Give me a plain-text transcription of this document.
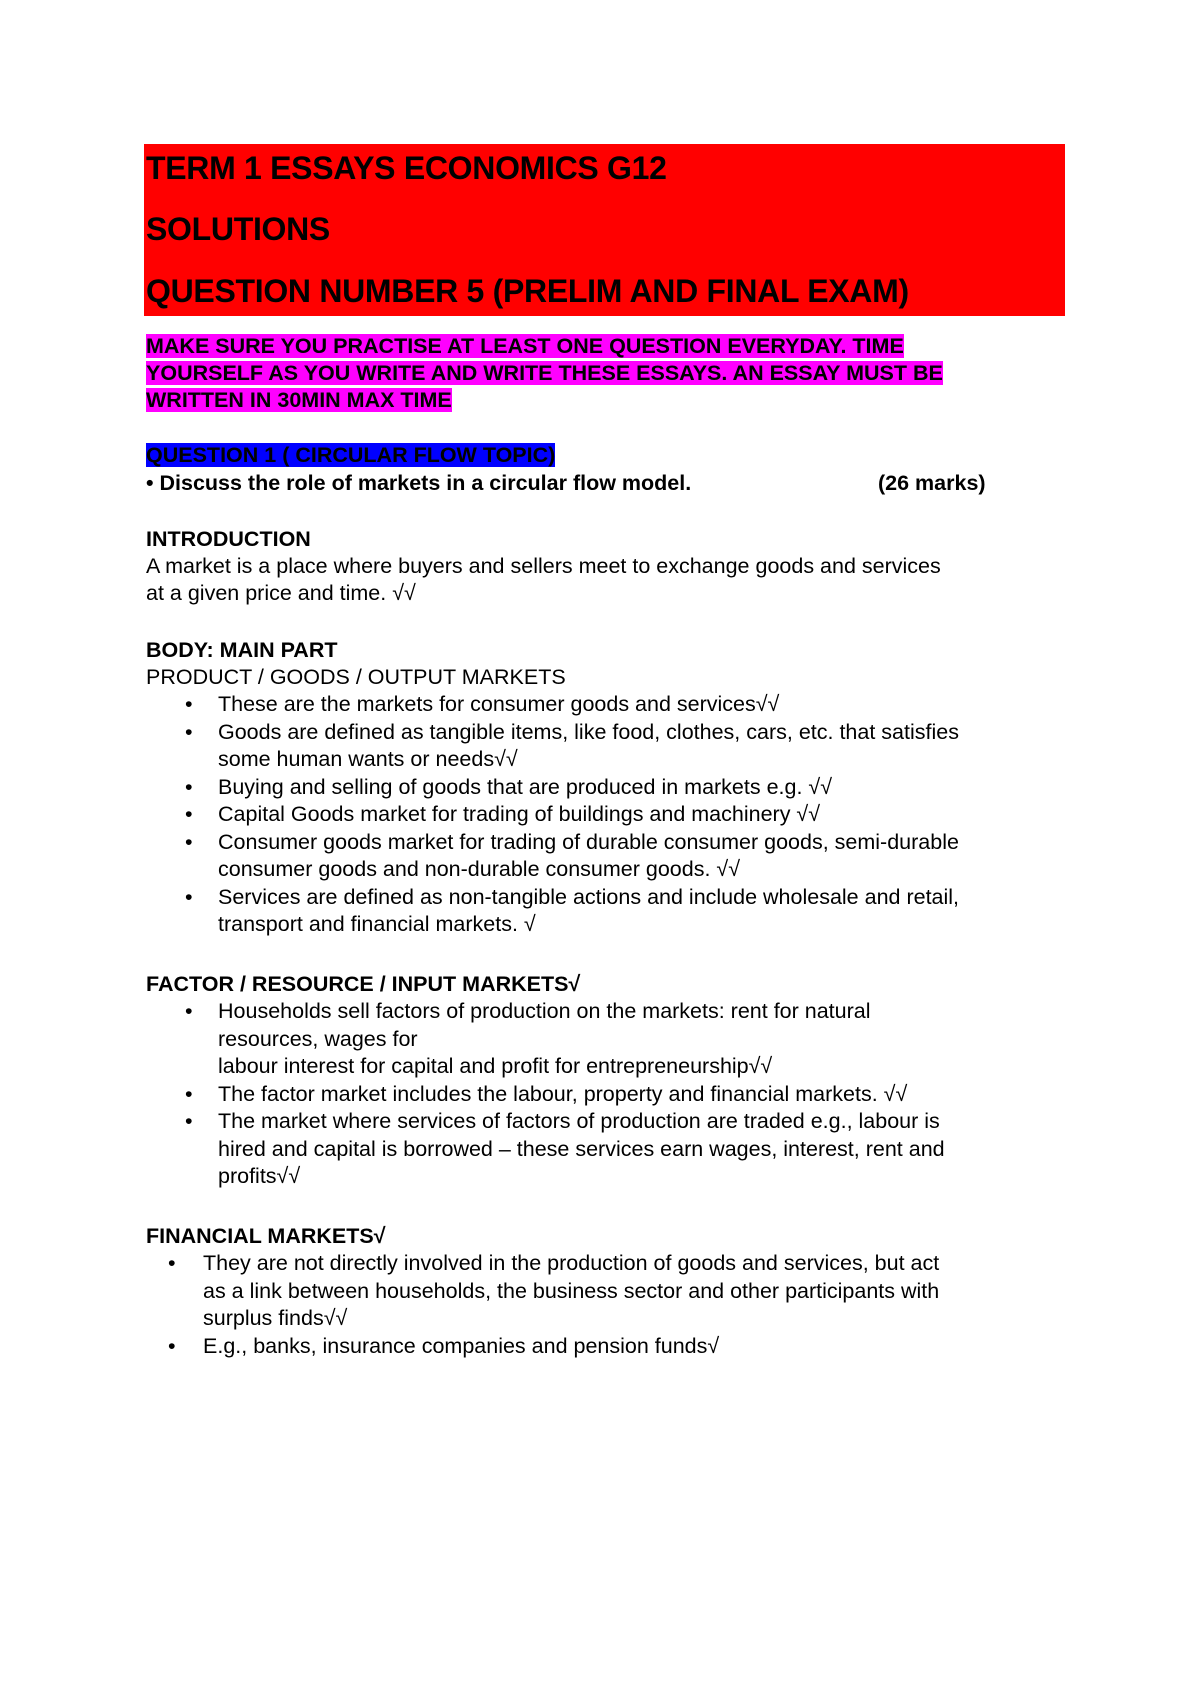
TERM 1 ESSAYS ECONOMICS G12
SOLUTIONS
QUESTION NUMBER 5 (PRELIM AND FINAL EXAM)
MAKE SURE YOU PRACTISE AT LEAST ONE QUESTION EVERYDAY. TIME
YOURSELF AS YOU WRITE AND WRITE THESE ESSAYS. AN ESSAY MUST BE
WRITTEN IN 30MIN MAX TIME
QUESTION 1 ( CIRCULAR FLOW TOPIC)
• Discuss the role of markets in a circular flow model.	(26 marks)
INTRODUCTION
A market is a place where buyers and sellers meet to exchange goods and services
at a given price and time. √√
BODY: MAIN PART
PRODUCT / GOODS / OUTPUT MARKETS
• These are the markets for consumer goods and services√√
• Goods are defined as tangible items, like food, clothes, cars, etc. that satisfies
some human wants or needs√√
• Buying and selling of goods that are produced in markets e.g. √√
• Capital Goods market for trading of buildings and machinery √√
• Consumer goods market for trading of durable consumer goods, semi-durable
consumer goods and non-durable consumer goods. √√
• Services are defined as non-tangible actions and include wholesale and retail,
transport and financial markets. √
FACTOR / RESOURCE / INPUT MARKETS√
• Households sell factors of production on the markets: rent for natural
resources, wages for
labour interest for capital and profit for entrepreneurship√√
• The factor market includes the labour, property and financial markets. √√
• The market where services of factors of production are traded e.g., labour is
hired and capital is borrowed – these services earn wages, interest, rent and
profits√√
FINANCIAL MARKETS√
• They are not directly involved in the production of goods and services, but act
as a link between households, the business sector and other participants with
surplus finds√√
• E.g., banks, insurance companies and pension funds√
